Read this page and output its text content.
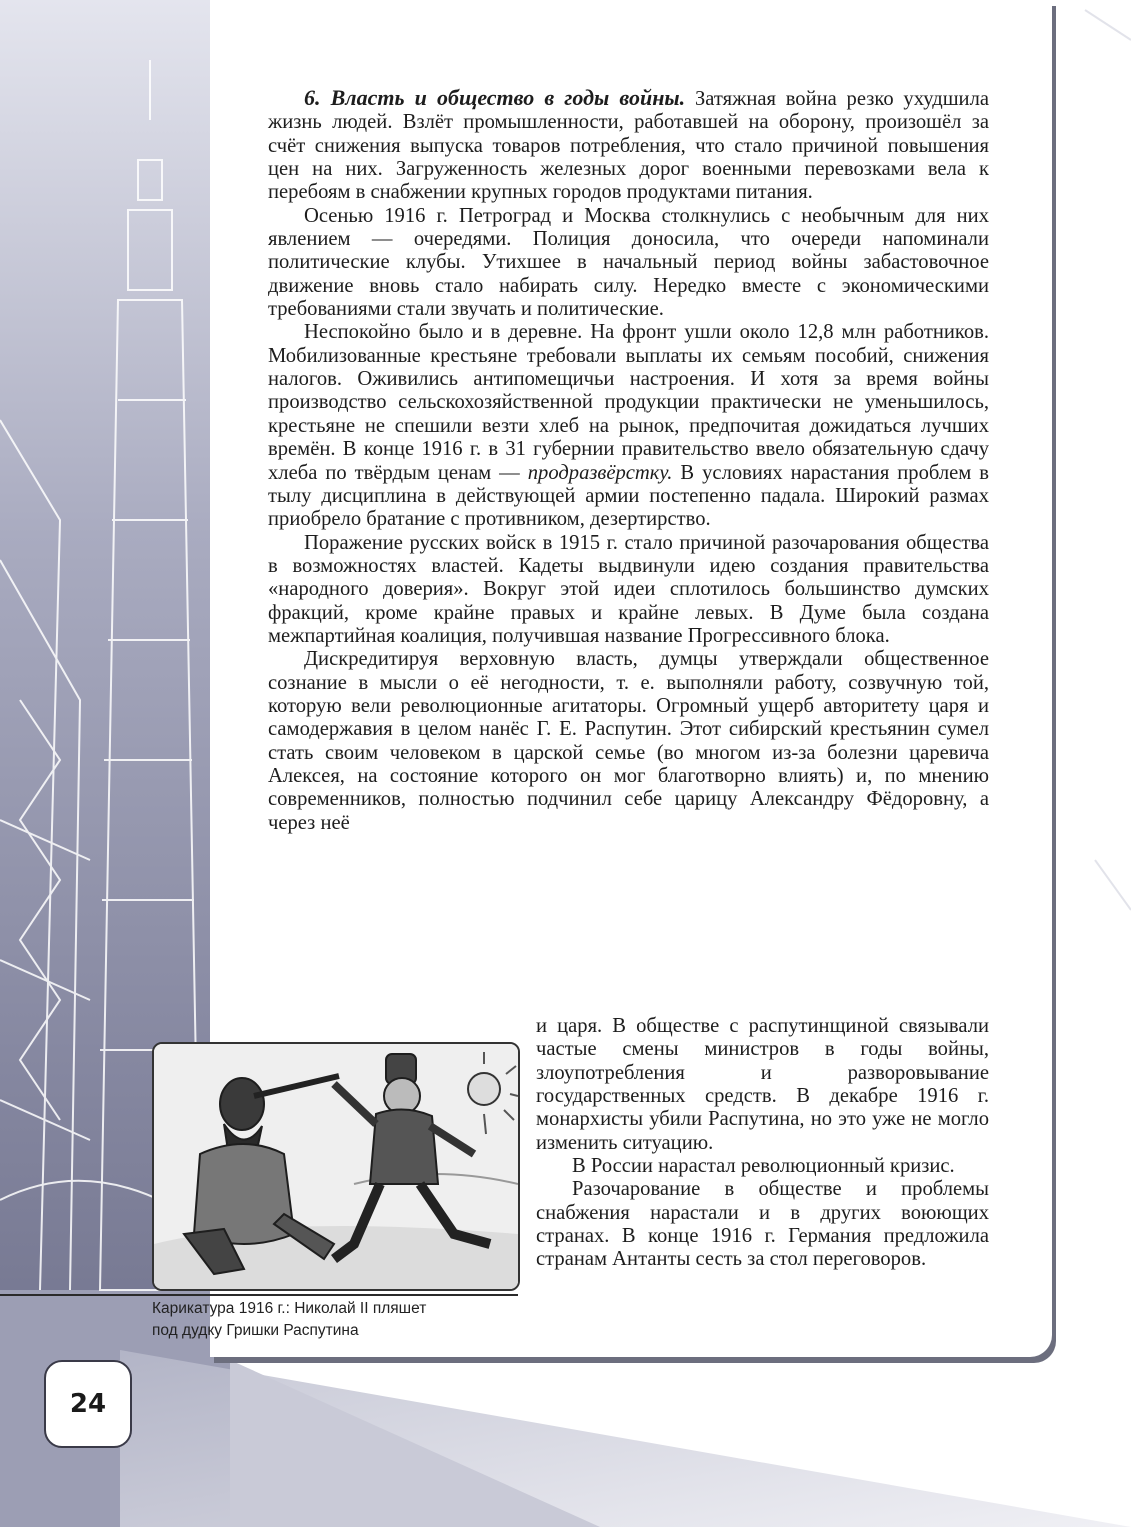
6. Власть и общество в годы войны. Затяжная война резко ухудшила жизнь людей. Взлёт промышленности, работавшей на оборону, произошёл за счёт снижения выпуска товаров потребления, что стало причиной повышения цен на них. Загруженность железных дорог военными перевозками вела к перебоям в снабжении крупных городов продуктами питания.

Осенью 1916 г. Петроград и Москва столкнулись с необычным для них явлением — очередями. Полиция доносила, что очереди напоминали политические клубы. Утихшее в начальный период войны забастовочное движение вновь стало набирать силу. Нередко вместе с экономическими требованиями стали звучать и политические.

Неспокойно было и в деревне. На фронт ушли около 12,8 млн работников. Мобилизованные крестьяне требовали выплаты их семьям пособий, снижения налогов. Оживились антипомещичьи настроения. И хотя за время войны производство сельскохозяйственной продукции практически не уменьшилось, крестьяне не спешили везти хлеб на рынок, предпочитая дожидаться лучших времён. В конце 1916 г. в 31 губернии правительство ввело обязательную сдачу хлеба по твёрдым ценам — продразвёрстку. В условиях нарастания проблем в тылу дисциплина в действующей армии постепенно падала. Широкий размах приобрело братание с противником, дезертирство.

Поражение русских войск в 1915 г. стало причиной разочарования общества в возможностях властей. Кадеты выдвинули идею создания правительства «народного доверия». Вокруг этой идеи сплотилось большинство думских фракций, кроме крайне правых и крайне левых. В Думе была создана межпартийная коалиция, получившая название Прогрессивного блока.

Дискредитируя верховную власть, думцы утверждали общественное сознание в мысли о её негодности, т. е. выполняли работу, созвучную той, которую вели революционные агитаторы. Огромный ущерб авторитету царя и самодержавия в целом нанёс Г. Е. Распутин. Этот сибирский крестьянин сумел стать своим человеком в царской семье (во многом из-за болезни царевича Алексея, на состояние которого он мог благотворно влиять) и, по мнению современников, полностью подчинил себе царицу Александру Фёдоровну, а через неё

и царя. В обществе с распутинщиной связывали частые смены министров в годы войны, злоупотребления и разворовывание государственных средств. В декабре 1916 г. монархисты убили Распутина, но это уже не могло изменить ситуацию.

В России нарастал революционный кризис.

Разочарование в обществе и проблемы снабжения нарастали и в других воюющих странах. В конце 1916 г. Германия предложила странам Антанты сесть за стол переговоров.

Карикатура 1916 г.: Николай II пляшет
под дудку Гришки Распутина
24
